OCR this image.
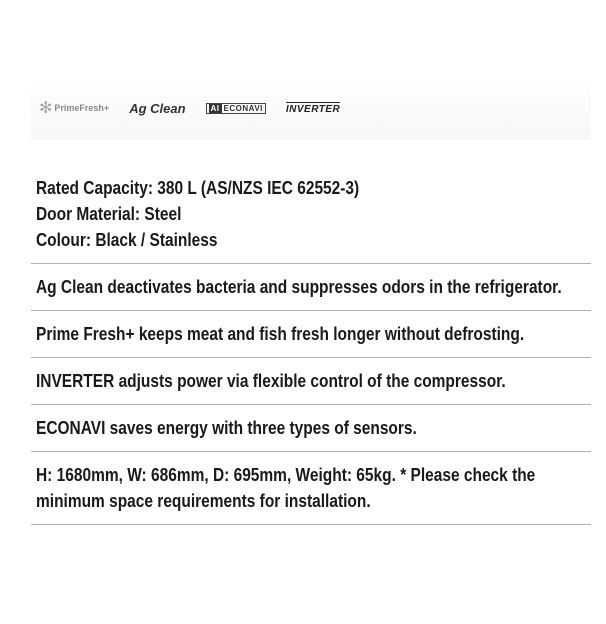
✻ PrimeFresh+ Ag Clean	AI ECONAVI INVERTER
Rated Capacity: 380 L (AS/NZS IEC 62552-3)
Door Material: Steel
Colour: Black / Stainless
Ag Clean deactivates bacteria and suppresses odors in the refrigerator.
Prime Fresh+ keeps meat and fish fresh longer without defrosting.
INVERTER adjusts power via flexible control of the compressor.
ECONAVI saves energy with three types of sensors.
H: 1680mm, W: 686mm, D: 695mm, Weight: 65kg. * Please check the minimum space requirements for installation.
